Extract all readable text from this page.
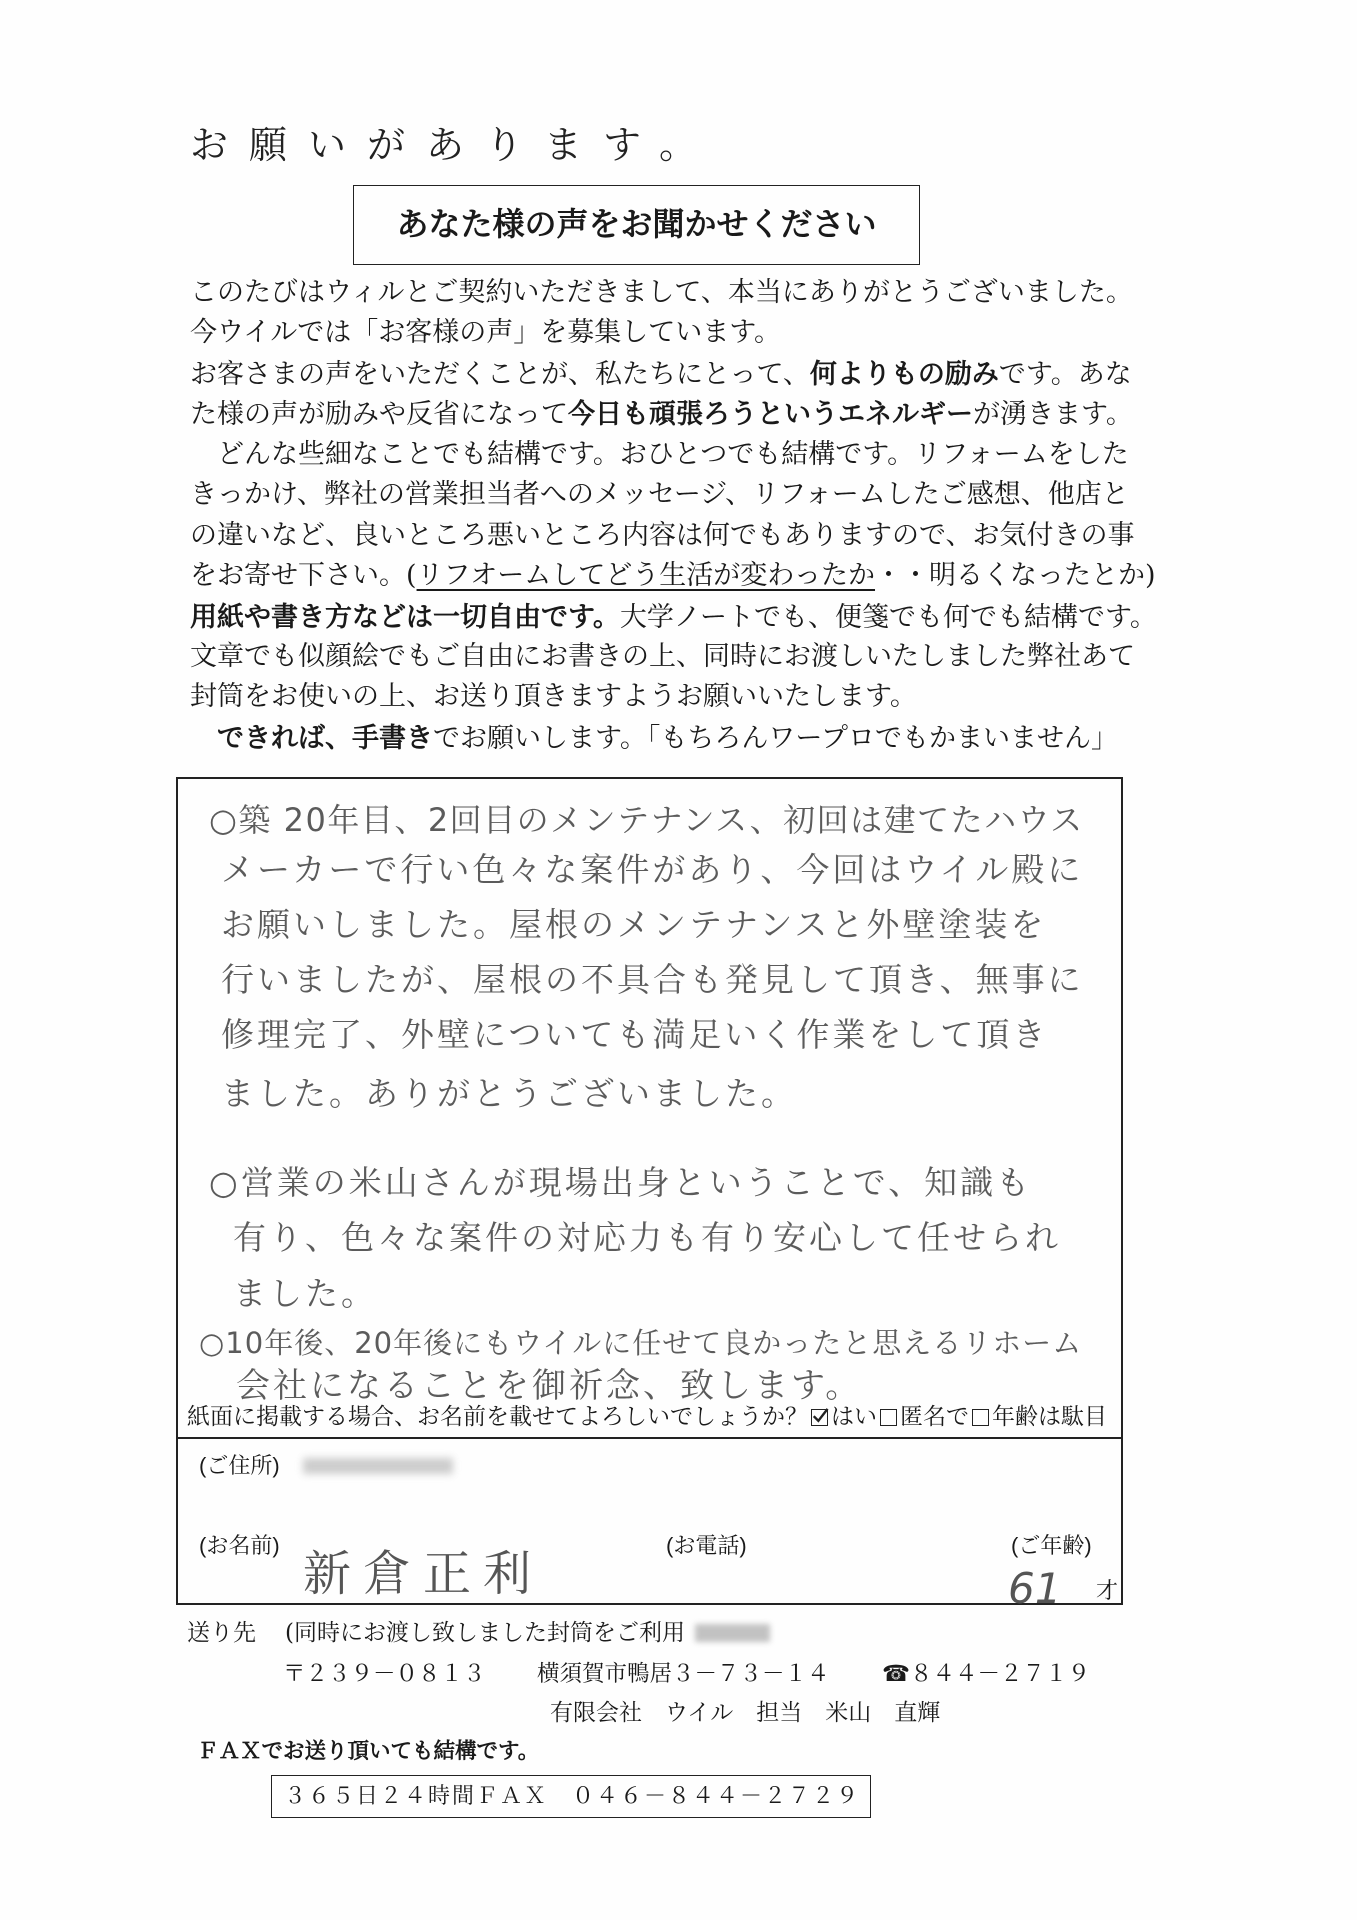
お願いがあります。
あなた様の声をお聞かせください
このたびはウィルとご契約いただきまして、本当にありがとうございました。
今ウイルでは「お客様の声」を募集しています。
お客さまの声をいただくことが、私たちにとって、何よりもの励みです。あな
た様の声が励みや反省になって今日も頑張ろうというエネルギーが湧きます。
どんな些細なことでも結構です。おひとつでも結構です。リフォームをした
きっかけ、弊社の営業担当者へのメッセージ、リフォームしたご感想、他店と
の違いなど、良いところ悪いところ内容は何でもありますので、お気付きの事
をお寄せ下さい。(リフオームしてどう生活が変わったか・・明るくなったとか)
用紙や書き方などは一切自由です。大学ノートでも、便箋でも何でも結構です。
文章でも似顔絵でもご自由にお書きの上、同時にお渡しいたしました弊社あて
封筒をお使いの上、お送り頂きますようお願いいたします。
できれば、手書きでお願いします。「もちろんワープロでもかまいません」
○築 20年目、2回目のメンテナンス、初回は建てたハウス
メーカーで行い色々な案件があり、今回はウイル殿に
お願いしました。屋根のメンテナンスと外壁塗装を
行いましたが、屋根の不具合も発見して頂き、無事に
修理完了、外壁についても満足いく作業をして頂き
ました。ありがとうございました。
○営業の米山さんが現場出身ということで、知識も
有り、色々な案件の対応力も有り安心して任せられ
ました。
○10年後、20年後にもウイルに任せて良かったと思えるリホーム
会社になることを御祈念、致します。
紙面に掲載する場合、お名前を載せてよろしいでしょうか？ はい 匿名で 年齢は駄目
(ご住所)
(お名前)
新倉正利
(お電話)	(ご年齢)
61 才
送り先 (同時にお渡し致しました封筒をご利用
〒２３９－０８１３ 横須賀市鴨居３－７３－１４ ☎８４４－２７１９
有限会社　ウイル　担当　米山　直輝
ＦＡＸでお送り頂いても結構です。
３６５日２４時間ＦＡＸ　０４６－８４４－２７２９
